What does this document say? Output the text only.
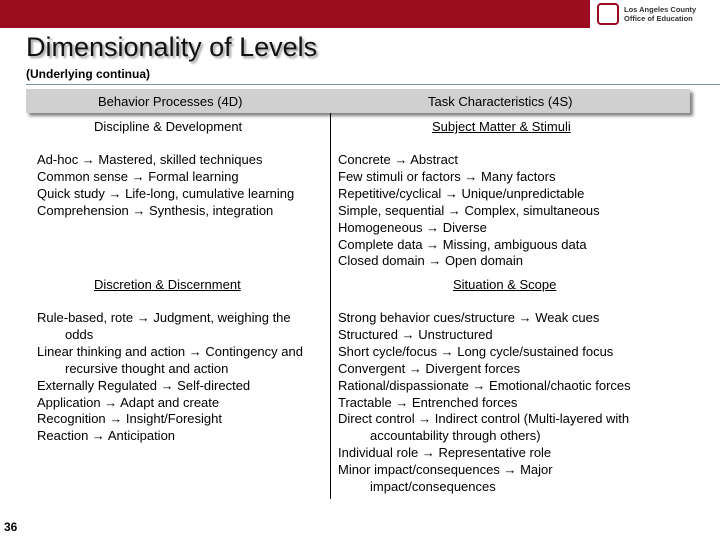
Los Angeles County
Office of Education
Dimensionality of Levels
(Underlying continua)
Behavior Processes (4D)	Task Characteristics (4S)
Discipline & Development
Ad-hoc → Mastered, skilled techniques
Common sense → Formal learning
Quick study → Life-long, cumulative learning
Comprehension → Synthesis, integration
Subject Matter & Stimuli
Concrete → Abstract
Few stimuli or factors → Many factors
Repetitive/cyclical → Unique/unpredictable
Simple, sequential → Complex, simultaneous
Homogeneous → Diverse
Complete data → Missing, ambiguous data
Closed domain → Open domain
Discretion & Discernment
Rule-based, rote → Judgment, weighing the
odds
Linear thinking and action → Contingency and
recursive thought and action
Externally Regulated → Self-directed
Application → Adapt and create
Recognition → Insight/Foresight
Reaction → Anticipation
Situation & Scope
Strong behavior cues/structure → Weak cues
Structured → Unstructured
Short cycle/focus → Long cycle/sustained focus
Convergent → Divergent forces
Rational/dispassionate → Emotional/chaotic forces
Tractable → Entrenched forces
Direct control → Indirect control (Multi-layered with
accountability through others)
Individual role → Representative role
Minor impact/consequences → Major
impact/consequences
36
